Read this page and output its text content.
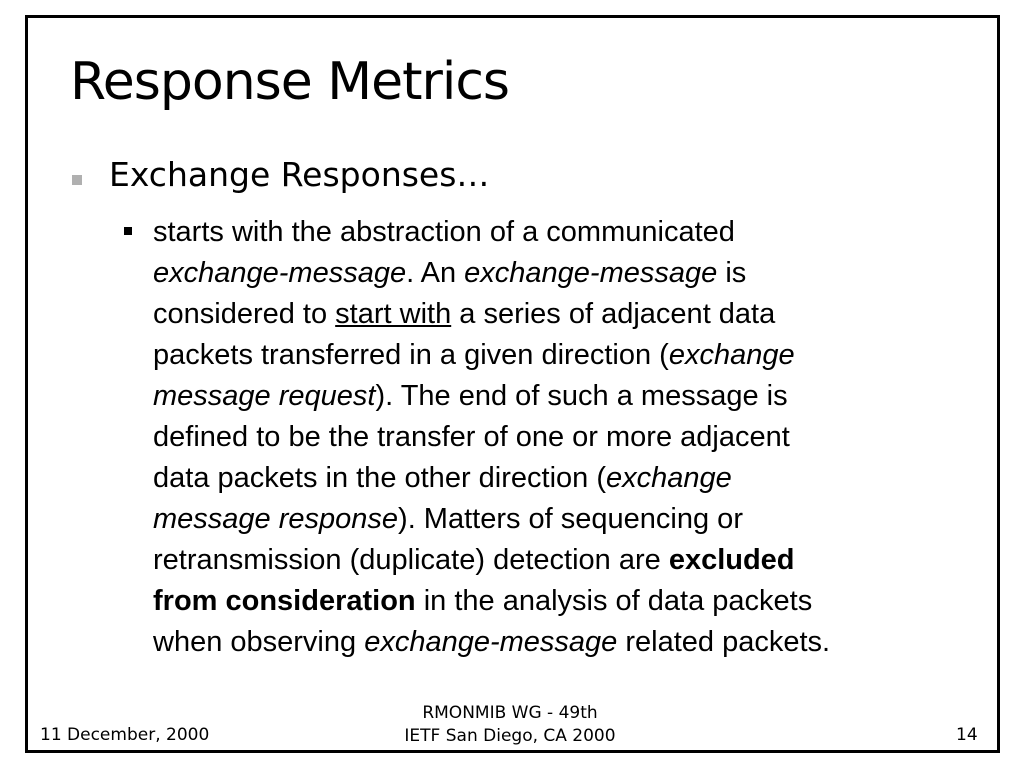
Response Metrics
Exchange Responses…
starts with the abstraction of a communicated
exchange-message. An exchange-message is
considered to start with a series of adjacent data
packets transferred in a given direction (exchange
message request). The end of such a message is
defined to be the transfer of one or more adjacent
data packets in the other direction (exchange
message response). Matters of sequencing or
retransmission (duplicate) detection are excluded
from consideration in the analysis of data packets
when observing exchange-message related packets.
11 December, 2000
RMONMIB WG - 49th
IETF San Diego, CA 2000	14
